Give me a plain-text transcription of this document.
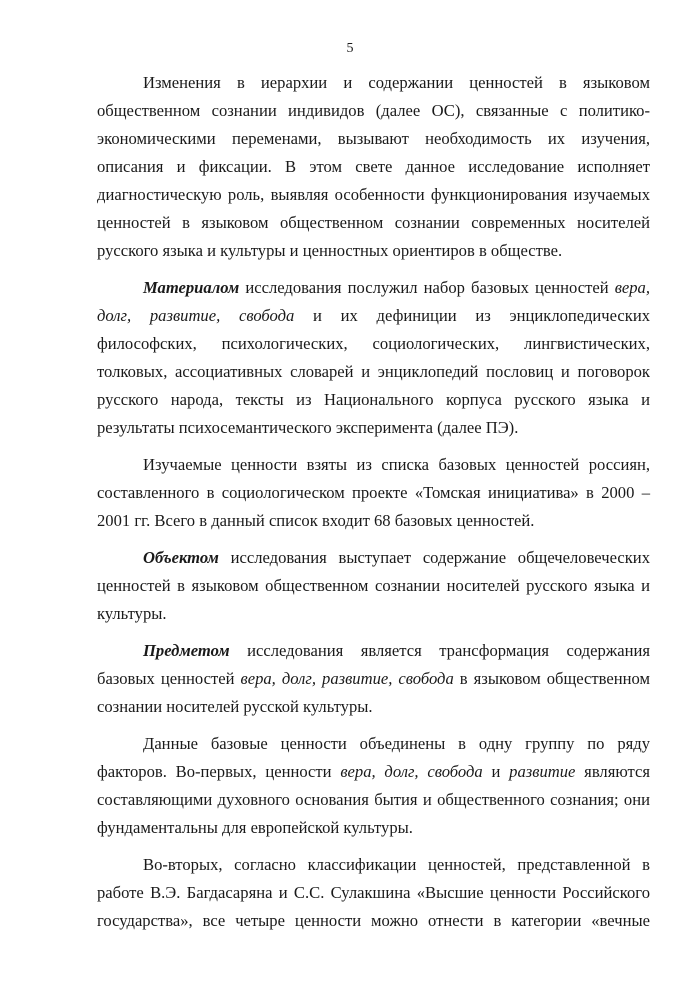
5

Изменения в иерархии и содержании ценностей в языковом общественном сознании индивидов (далее ОС), связанные с политико-экономическими переменами, вызывают необходимость их изучения, описания и фиксации. В этом свете данное исследование исполняет диагностическую роль, выявляя особенности функционирования изучаемых ценностей в языковом общественном сознании современных носителей русского языка и культуры и ценностных ориентиров в обществе.

Материалом исследования послужил набор базовых ценностей вера, долг, развитие, свобода и их дефиниции из энциклопедических философских, психологических, социологических, лингвистических, толковых, ассоциативных словарей и энциклопедий пословиц и поговорок русского народа, тексты из Национального корпуса русского языка и результаты психосемантического эксперимента (далее ПЭ).

Изучаемые ценности взяты из списка базовых ценностей россиян, составленного в социологическом проекте «Томская инициатива» в 2000 – 2001 гг. Всего в данный список входит 68 базовых ценностей.

Объектом исследования выступает содержание общечеловеческих ценностей в языковом общественном сознании носителей русского языка и культуры.

Предметом исследования является трансформация содержания базовых ценностей вера, долг, развитие, свобода в языковом общественном сознании носителей русской культуры.

Данные базовые ценности объединены в одну группу по ряду факторов. Во-первых, ценности вера, долг, свобода и развитие являются составляющими духовного основания бытия и общественного сознания; они фундаментальны для европейской культуры.

Во-вторых, согласно классификации ценностей, представленной в работе В.Э. Багдасаряна и С.С. Сулакшина «Высшие ценности Российского государства», все четыре ценности можно отнести в категории «вечные
